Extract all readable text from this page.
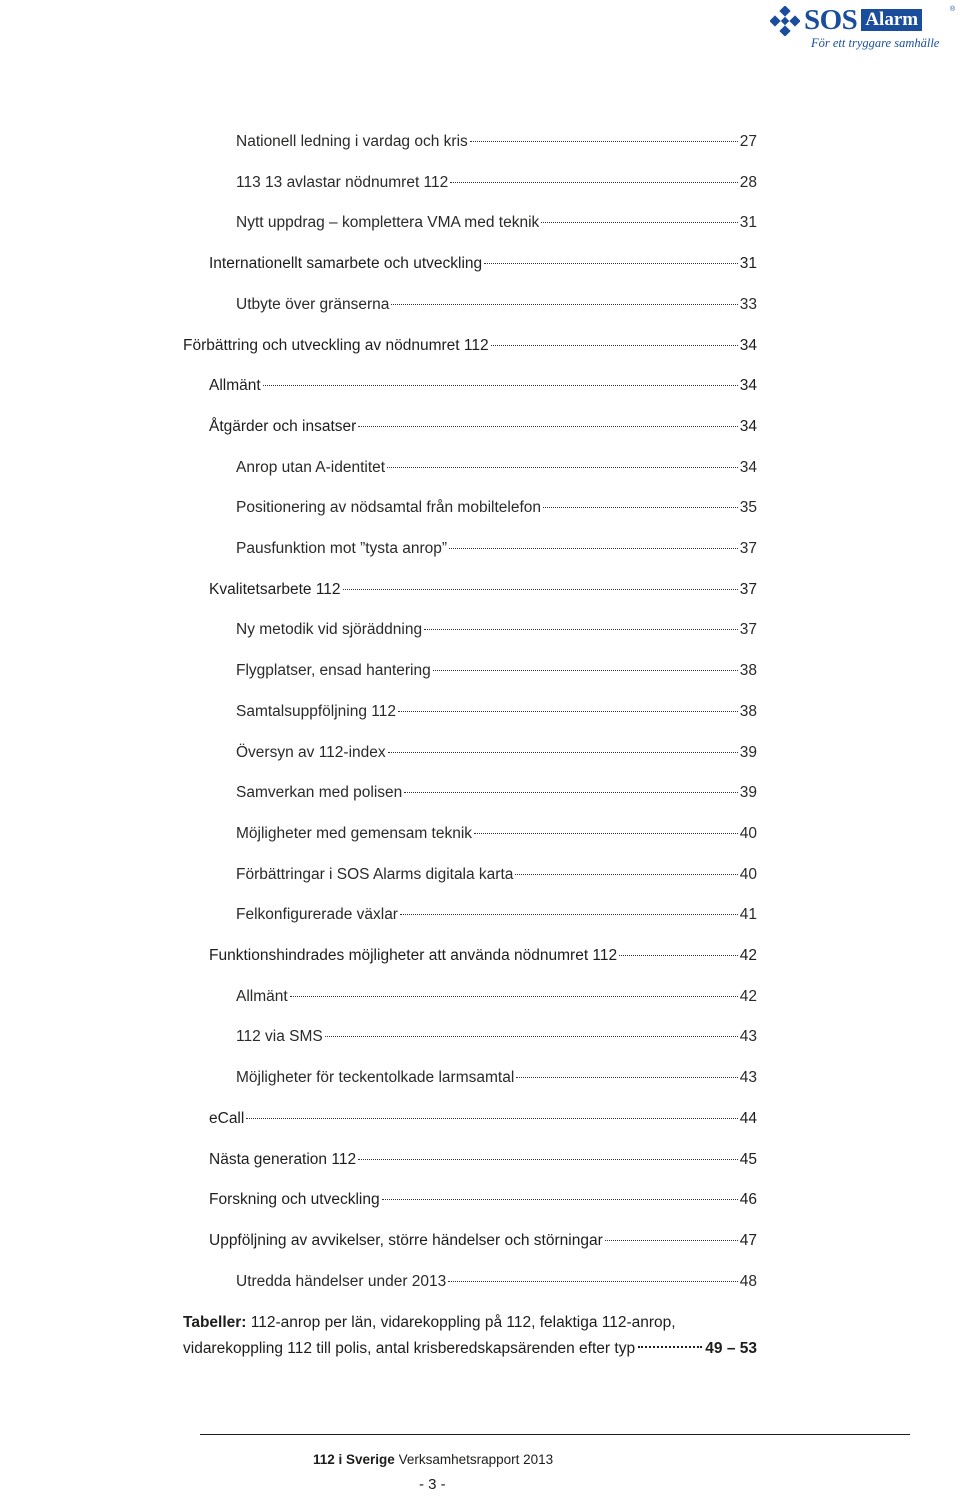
SOS Alarm	®
För ett tryggare samhälle
Nationell ledning i vardag och kris	27
113 13 avlastar nödnumret 112	28
Nytt uppdrag – komplettera VMA med teknik	31
Internationellt samarbete och utveckling	31
Utbyte över gränserna	33
Förbättring och utveckling av nödnumret 112	34
Allmänt	34
Åtgärder och insatser	34
Anrop utan A-identitet	34
Positionering av nödsamtal från mobiltelefon	35
Pausfunktion mot ”tysta anrop”	37
Kvalitetsarbete 112	37
Ny metodik vid sjöräddning	37
Flygplatser, ensad hantering	38
Samtalsuppföljning 112	38
Översyn av 112-index	39
Samverkan med polisen	39
Möjligheter med gemensam teknik	40
Förbättringar i SOS Alarms digitala karta	40
Felkonfigurerade växlar	41
Funktionshindrades möjligheter att använda nödnumret 112	42
Allmänt	42
112 via SMS	43
Möjligheter för teckentolkade larmsamtal	43
eCall	44
Nästa generation 112	45
Forskning och utveckling	46
Uppföljning av avvikelser, större händelser och störningar	47
Utredda händelser under 2013	48
Tabeller: 112-anrop per län, vidarekoppling på 112, felaktiga 112-anrop,
vidarekoppling 112 till polis, antal krisberedskapsärenden efter typ	49 – 53
112 i Sverige Verksamhetsrapport 2013
- 3 -
